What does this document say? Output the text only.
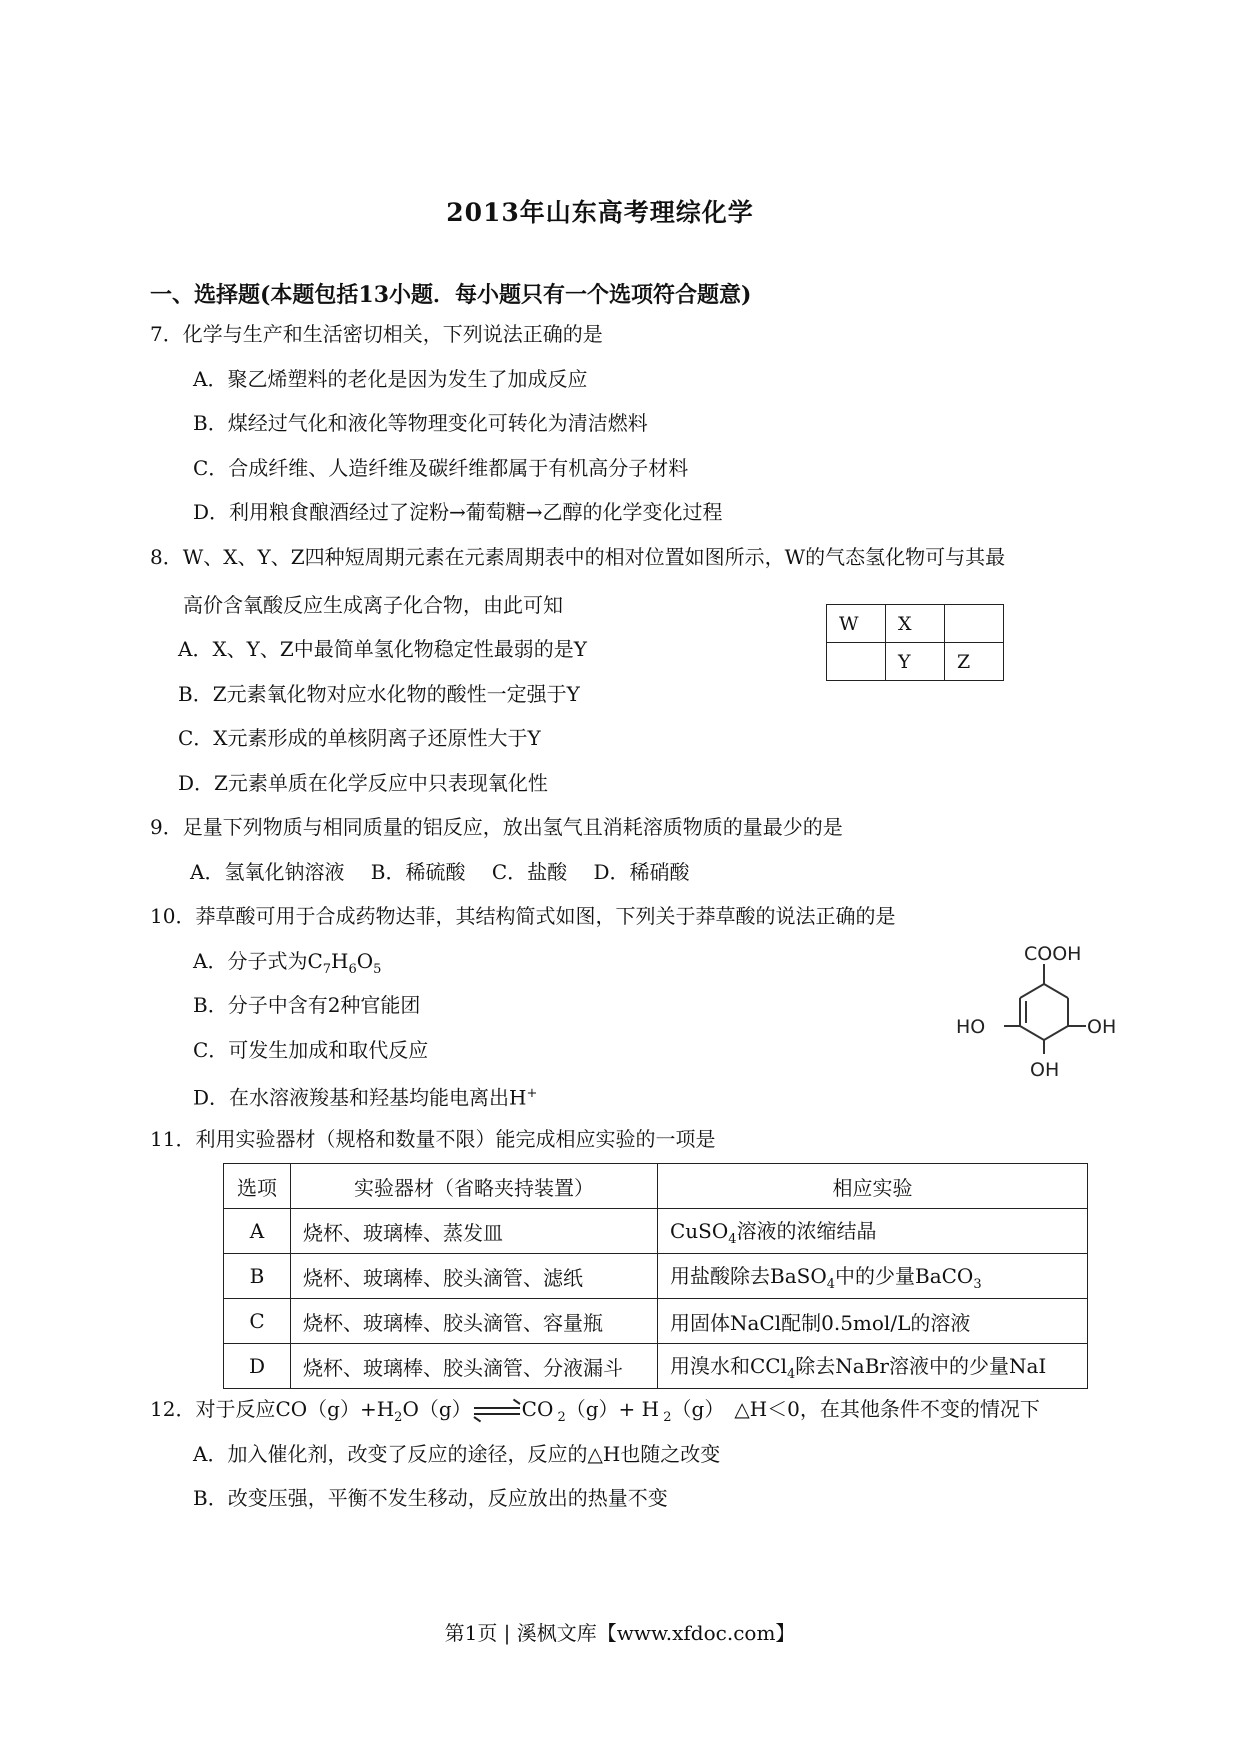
2013年山东高考理综化学
一、选择题(本题包括13小题．每小题只有一个选项符合题意)
7．化学与生产和生活密切相关，下列说法正确的是
A．聚乙烯塑料的老化是因为发生了加成反应
B．煤经过气化和液化等物理变化可转化为清洁燃料
C．合成纤维、人造纤维及碳纤维都属于有机高分子材料
D．利用粮食酿酒经过了淀粉→葡萄糖→乙醇的化学变化过程
8．W、X、Y、Z四种短周期元素在元素周期表中的相对位置如图所示，W的气态氢化物可与其最
高价含氧酸反应生成离子化合物，由此可知
A．X、Y、Z中最简单氢化物稳定性最弱的是Y
B．Z元素氧化物对应水化物的酸性一定强于Y
C．X元素形成的单核阴离子还原性大于Y
D．Z元素单质在化学反应中只表现氧化性
W	X	
	Y	Z
9．足量下列物质与相同质量的铝反应，放出氢气且消耗溶质物质的量最少的是
A．氢氧化钠溶液　 B．稀硫酸　 C．盐酸　 D．稀硝酸
10．莽草酸可用于合成药物达菲，其结构简式如图，下列关于莽草酸的说法正确的是
A．分子式为$C_7H_6O_5$
B．分子中含有2种官能团
C．可发生加成和取代反应
D．在水溶液羧基和羟基均能电离出H+
COOH
HO	OH
OH
11．利用实验器材（规格和数量不限）能完成相应实验的一项是
选项	实验器材（省略夹持装置）	相应实验
A	烧杯、玻璃棒、蒸发皿	CuSO$_4$溶液的浓缩结晶
B	烧杯、玻璃棒、胶头滴管、滤纸	用盐酸除去BaSO$_4$中的少量BaCO$_3$
C	烧杯、玻璃棒、胶头滴管、容量瓶	用固体NaCl配制0.5mol/L的溶液
D	烧杯、玻璃棒、胶头滴管、分液漏斗	用溴水和CCl$_4$除去NaBr溶液中的少量NaI
12．对于反应$CO(g)+H_2O(g)$	CO $_2$（g）+ H $_2$（g）　△H＜0，在其他条件不变的情况下
A．加入催化剂，改变了反应的途径，反应的△H也随之改变
B．改变压强，平衡不发生移动，反应放出的热量不变
第1页 | 溪枫文库【www.xfdoc.com】
